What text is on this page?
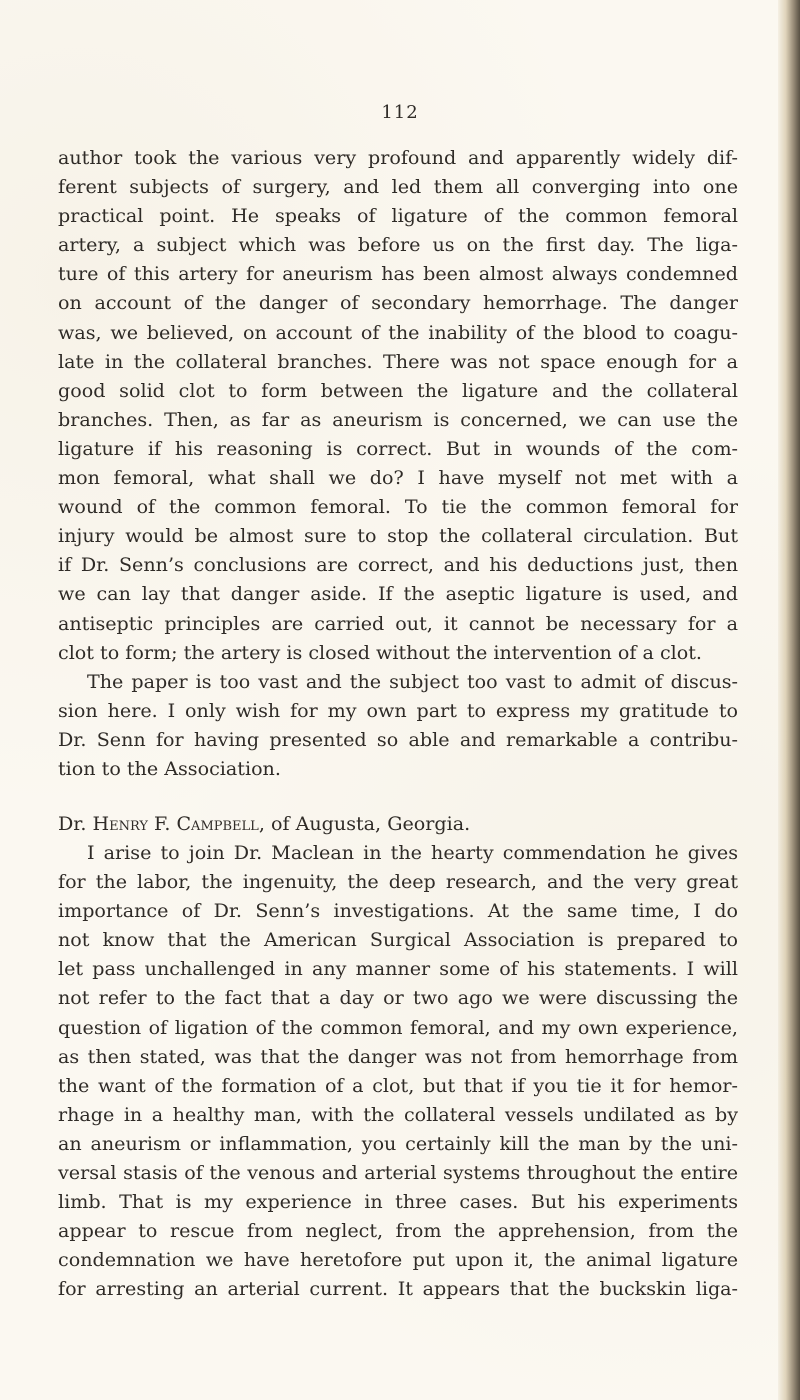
112
author took the various very profound and apparently widely dif-
ferent subjects of surgery, and led them all converging into one
practical point. He speaks of ligature of the common femoral
artery, a subject which was before us on the first day. The liga-
ture of this artery for aneurism has been almost always condemned
on account of the danger of secondary hemorrhage. The danger
was, we believed, on account of the inability of the blood to coagu-
late in the collateral branches. There was not space enough for a
good solid clot to form between the ligature and the collateral
branches. Then, as far as aneurism is concerned, we can use the
ligature if his reasoning is correct. But in wounds of the com-
mon femoral, what shall we do? I have myself not met with a
wound of the common femoral. To tie the common femoral for
injury would be almost sure to stop the collateral circulation. But
if Dr. Senn’s conclusions are correct, and his deductions just, then
we can lay that danger aside. If the aseptic ligature is used, and
antiseptic principles are carried out, it cannot be necessary for a
clot to form; the artery is closed without the intervention of a clot.
The paper is too vast and the subject too vast to admit of discus-
sion here. I only wish for my own part to express my gratitude to
Dr. Senn for having presented so able and remarkable a contribu-
tion to the Association.
Dr. Henry F. Campbell, of Augusta, Georgia.
I arise to join Dr. Maclean in the hearty commendation he gives
for the labor, the ingenuity, the deep research, and the very great
importance of Dr. Senn’s investigations. At the same time, I do
not know that the American Surgical Association is prepared to
let pass unchallenged in any manner some of his statements. I will
not refer to the fact that a day or two ago we were discussing the
question of ligation of the common femoral, and my own experience,
as then stated, was that the danger was not from hemorrhage from
the want of the formation of a clot, but that if you tie it for hemor-
rhage in a healthy man, with the collateral vessels undilated as by
an aneurism or inflammation, you certainly kill the man by the uni-
versal stasis of the venous and arterial systems throughout the entire
limb. That is my experience in three cases. But his experiments
appear to rescue from neglect, from the apprehension, from the
condemnation we have heretofore put upon it, the animal ligature
for arresting an arterial current. It appears that the buckskin liga-
